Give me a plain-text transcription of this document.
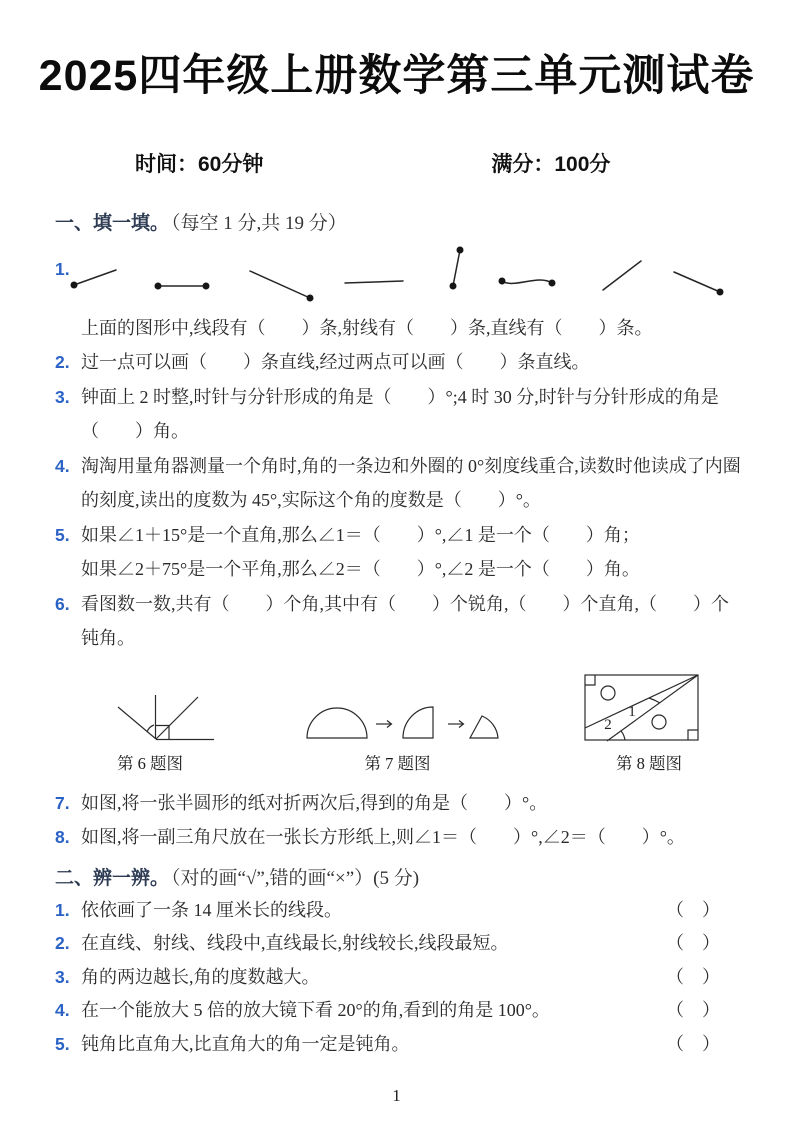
2025四年级上册数学第三单元测试卷
时间：60分钟	满分：100分
一、填一填。 （每空 1 分,共 19 分）
1.
上面的图形中,线段有（　　）条,射线有（　　）条,直线有（　　）条。
2. 过一点可以画（　　）条直线,经过两点可以画（　　）条直线。
3. 钟面上 2 时整,时针与分针形成的角是（　　）°;4 时 30 分,时针与分针形成的角是
（　　）角。
4. 淘淘用量角器测量一个角时,角的一条边和外圈的 0°刻度线重合,读数时他读成了内圈
的刻度,读出的度数为 45°,实际这个角的度数是（　　）°。
5. 如果∠1＋15°是一个直角,那么∠1＝（　　）°,∠1 是一个（　　）角；
如果∠2＋75°是一个平角,那么∠2＝（　　）°,∠2 是一个（　　）角。
6. 看图数一数,共有（　　）个角,其中有（　　）个锐角,（　　）个直角,（　　）个
钝角。
第 6 题图	第 7 题图
1
2
第 8 题图
7. 如图,将一张半圆形的纸对折两次后,得到的角是（　　）°。
8. 如图,将一副三角尺放在一张长方形纸上,则∠1＝（　　）°,∠2＝（　　）°。
二、辨一辨。 （对的画“√”,错的画“×”）(5 分)
1. 依依画了一条 14 厘米长的线段。	（　）
2. 在直线、射线、线段中,直线最长,射线较长,线段最短。	（　）
3. 角的两边越长,角的度数越大。	（　）
4. 在一个能放大 5 倍的放大镜下看 20°的角,看到的角是 100°。	（　）
5. 钝角比直角大,比直角大的角一定是钝角。	（　）
1
